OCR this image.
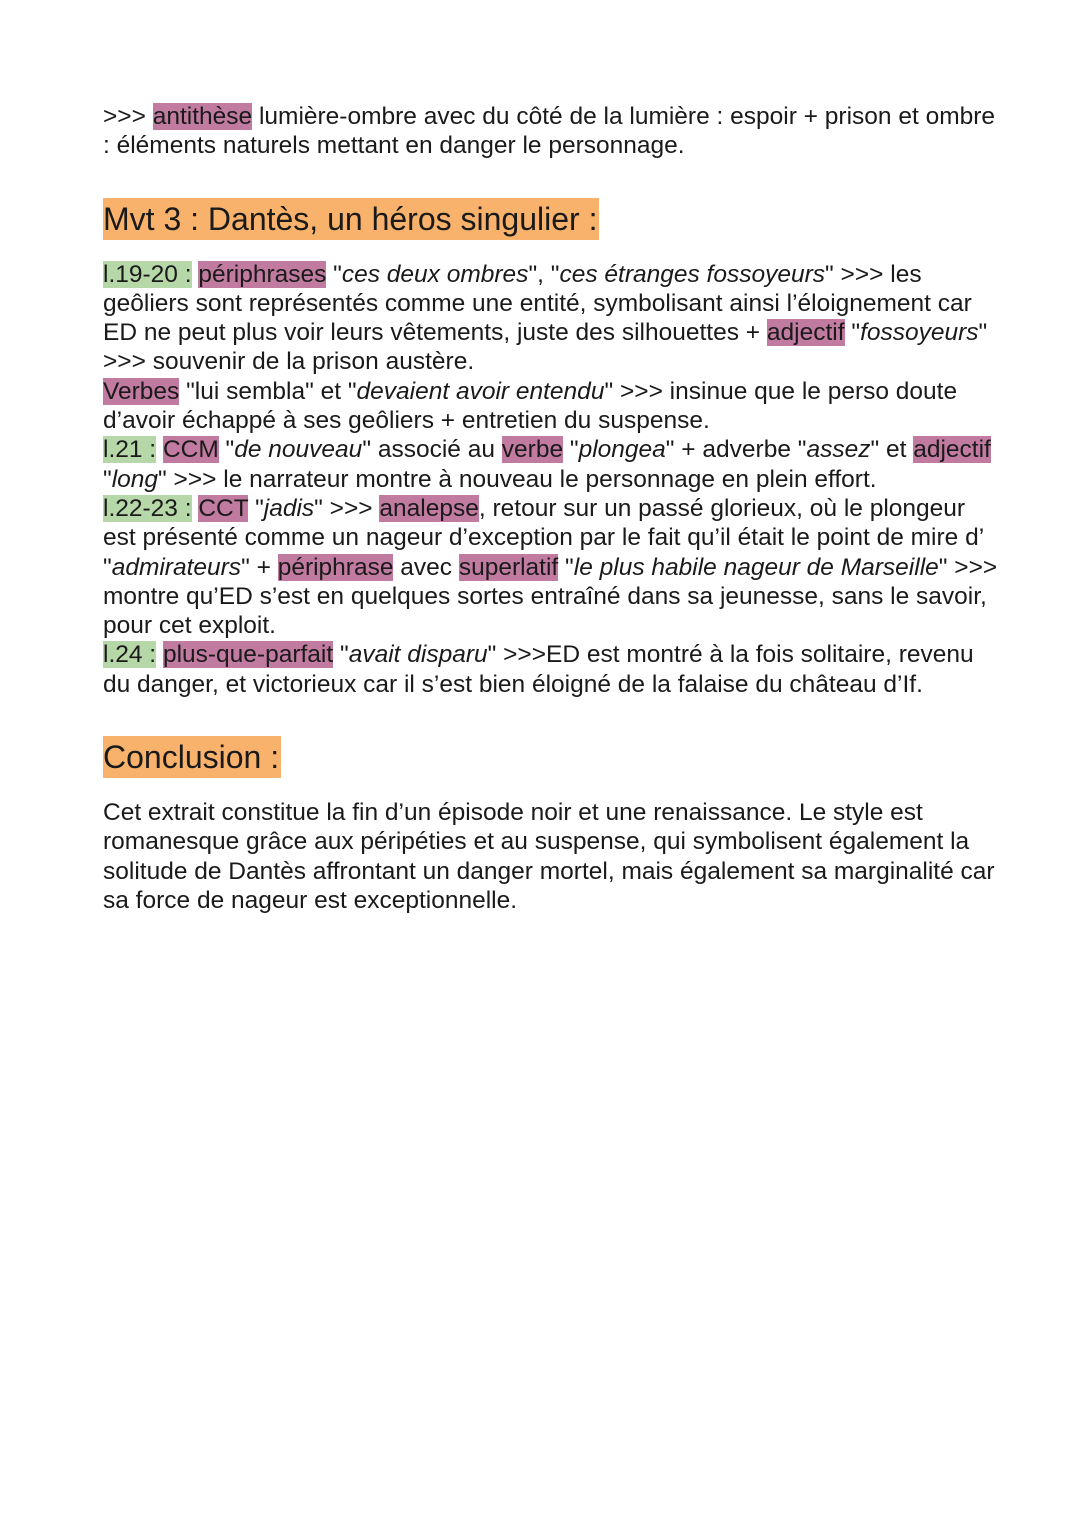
>>> antithèse lumière-ombre avec du côté de la lumière : espoir + prison et ombre : éléments naturels mettant en danger le personnage.

Mvt 3 : Dantès, un héros singulier :

l.19-20 : périphrases "ces deux ombres", "ces étranges fossoyeurs" >>> les geôliers sont représentés comme une entité, symbolisant ainsi l’éloignement car ED ne peut plus voir leurs vêtements, juste des silhouettes + adjectif "fossoyeurs" >>> souvenir de la prison austère.

Verbes "lui sembla" et "devaient avoir entendu" >>> insinue que le perso doute d’avoir échappé à ses geôliers + entretien du suspense.

l.21 : CCM "de nouveau" associé au verbe "plongea" + adverbe "assez" et adjectif "long" >>> le narrateur montre à nouveau le personnage en plein effort.

l.22-23 : CCT "jadis" >>> analepse, retour sur un passé glorieux, où le plongeur est présenté comme un nageur d’exception par le fait qu’il était le point de mire d’ "admirateurs" + périphrase avec superlatif "le plus habile nageur de Marseille" >>> montre qu’ED s’est en quelques sortes entraîné dans sa jeunesse, sans le savoir, pour cet exploit.

l.24 : plus-que-parfait "avait disparu" >>>ED est montré à la fois solitaire, revenu du danger, et victorieux car il s’est bien éloigné de la falaise du château d’If.

Conclusion :

Cet extrait constitue la fin d’un épisode noir et une renaissance. Le style est romanesque grâce aux péripéties et au suspense, qui symbolisent également la solitude de Dantès affrontant un danger mortel, mais également sa marginalité car sa force de nageur est exceptionnelle.
